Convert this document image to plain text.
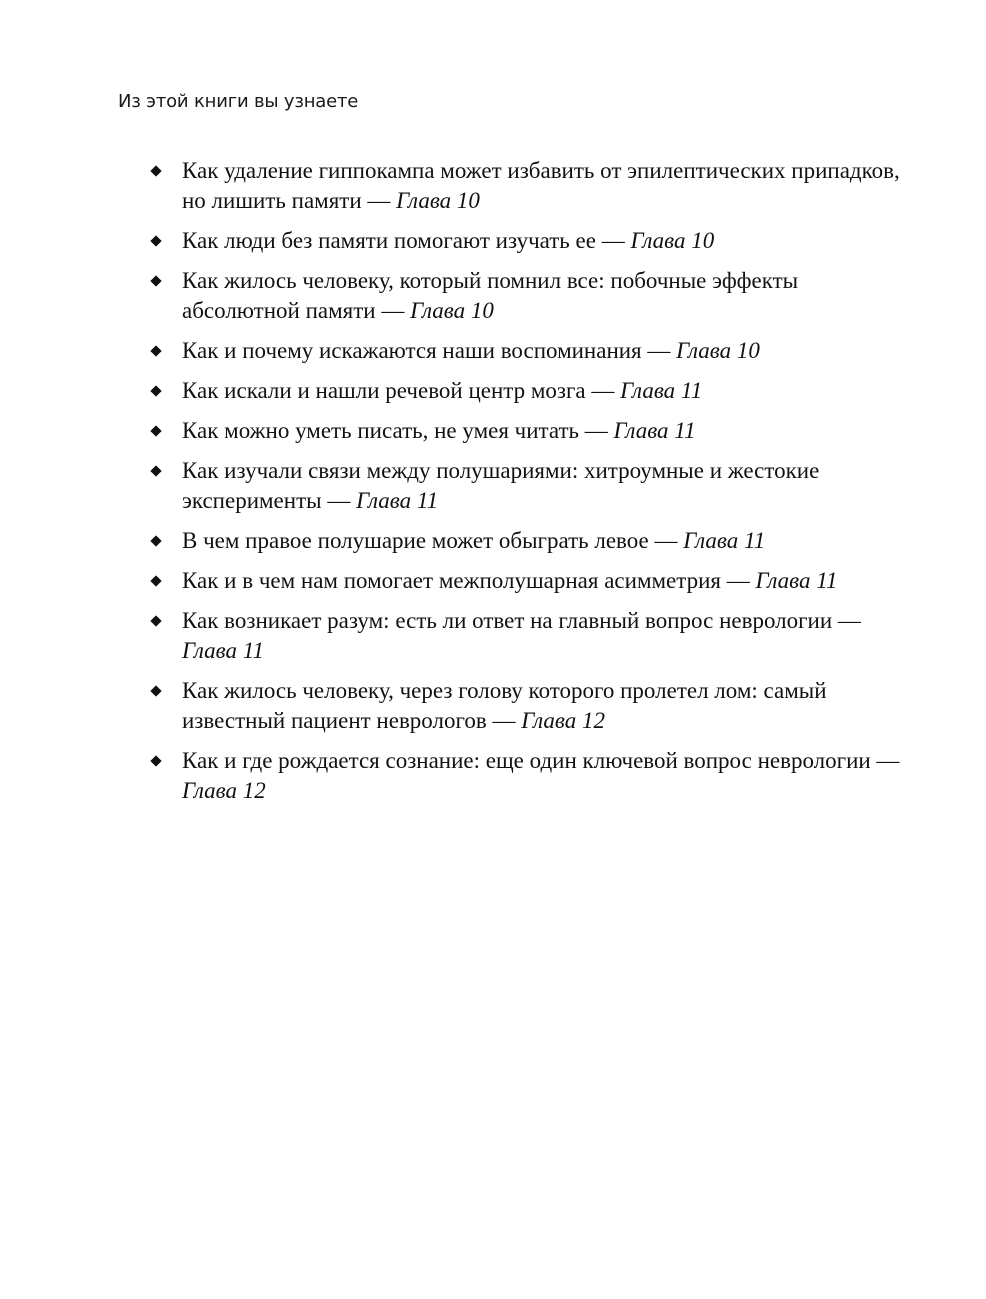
Из этой книги вы узнаете
Как удаление гиппокампа может избавить от эпилептических припадков, но лишить памяти — Глава 10
Как люди без памяти помогают изучать ее — Глава 10
Как жилось человеку, который помнил все: побочные эффекты абсолютной памяти — Глава 10
Как и почему искажаются наши воспоминания — Глава 10
Как искали и нашли речевой центр мозга — Глава 11
Как можно уметь писать, не умея читать — Глава 11
Как изучали связи между полушариями: хитроумные и жестокие эксперименты — Глава 11
В чем правое полушарие может обыграть левое — Глава 11
Как и в чем нам помогает межполушарная асимметрия — Глава 11
Как возникает разум: есть ли ответ на главный вопрос неврологии — Глава 11
Как жилось человеку, через голову которого пролетел лом: самый известный пациент неврологов — Глава 12
Как и где рождается сознание: еще один ключевой вопрос неврологии — Глава 12
